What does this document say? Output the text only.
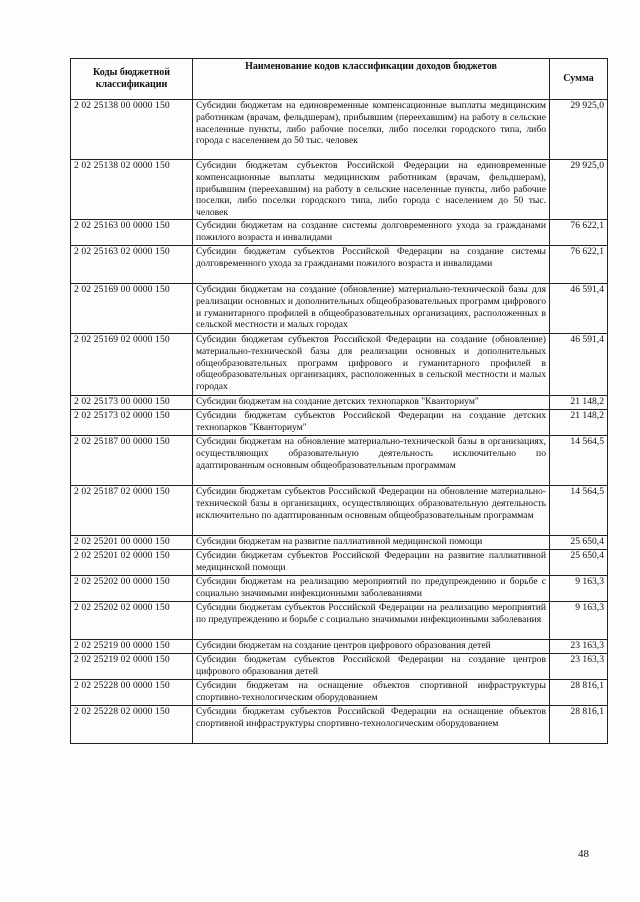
Коды бюджетной классификации	Наименование кодов классификации доходов бюджетов	Сумма
2 02 25138 00 0000 150	Субсидии бюджетам на единовременные компенсационные выплаты медицинским работникам (врачам, фельдшерам), прибывшим (переехавшим) на работу в сельские населенные пункты, либо рабочие поселки, либо поселки городского типа, либо города с населением до 50 тыс. человек	29 925,0
2 02 25138 02 0000 150	Субсидии бюджетам субъектов Российской Федерации на единовременные компенсационные выплаты медицинским работникам (врачам, фельдшерам), прибывшим (переехавшим) на работу в сельские населенные пункты, либо рабочие поселки, либо поселки городского типа, либо города с населением до 50 тыс. человек	29 925,0
2 02 25163 00 0000 150	Субсидии бюджетам на создание системы долговременного ухода за гражданами пожилого возраста и инвалидами	76 622,1
2 02 25163 02 0000 150	Субсидии бюджетам субъектов Российской Федерации на создание системы долговременного ухода за гражданами пожилого возраста и инвалидами	76 622,1
2 02 25169 00 0000 150	Субсидии бюджетам на создание (обновление) материально-технической базы для реализации основных и дополнительных общеобразовательных программ цифрового и гуманитарного профилей в общеобразовательных организациях, расположенных в сельской местности и малых городах	46 591,4
2 02 25169 02 0000 150	Субсидии бюджетам субъектов Российской Федерации на создание (обновление) материально-технической базы для реализации основных и дополнительных общеобразовательных программ цифрового и гуманитарного профилей в общеобразовательных организациях, расположенных в сельской местности и малых городах	46 591,4
2 02 25173 00 0000 150	Субсидии бюджетам на создание детских технопарков "Кванториум"	21 148,2
2 02 25173 02 0000 150	Субсидии бюджетам субъектов Российской Федерации на создание детских технопарков "Кванториум"	21 148,2
2 02 25187 00 0000 150	Субсидии бюджетам на обновление материально-технической базы в организациях, осуществляющих образовательную деятельность исключительно по адаптированным основным общеобразовательным программам	14 564,5
2 02 25187 02 0000 150	Субсидии бюджетам субъектов Российской Федерации на обновление материально-технической базы в организациях, осуществляющих образовательную деятельность исключительно по адаптированным основным общеобразовательным программам	14 564,5
2 02 25201 00 0000 150	Субсидии бюджетам на развитие паллиативной медицинской помощи	25 650,4
2 02 25201 02 0000 150	Субсидии бюджетам субъектов Российской Федерации на развитие паллиативной медицинской помощи	25 650,4
2 02 25202 00 0000 150	Субсидии бюджетам на реализацию мероприятий по предупреждению и борьбе с социально значимыми инфекционными заболеваниями	9 163,3
2 02 25202 02 0000 150	Субсидии бюджетам субъектов Российской Федерации на реализацию мероприятий по предупреждению и борьбе с социально значимыми инфекционными заболевания	9 163,3
2 02 25219 00 0000 150	Субсидии бюджетам на создание центров цифрового образования детей	23 163,3
2 02 25219 02 0000 150	Субсидии бюджетам субъектов Российской Федерации на создание центров цифрового образования детей	23 163,3
2 02 25228 00 0000 150	Субсидии бюджетам на оснащение объектов спортивной инфраструктуры спортивно-технологическим оборудованием	28 816,1
2 02 25228 02 0000 150	Субсидии бюджетам субъектов Российской Федерации на оснащение объектов спортивной инфраструктуры спортивно-технологическим оборудованием	28 816,1
48
